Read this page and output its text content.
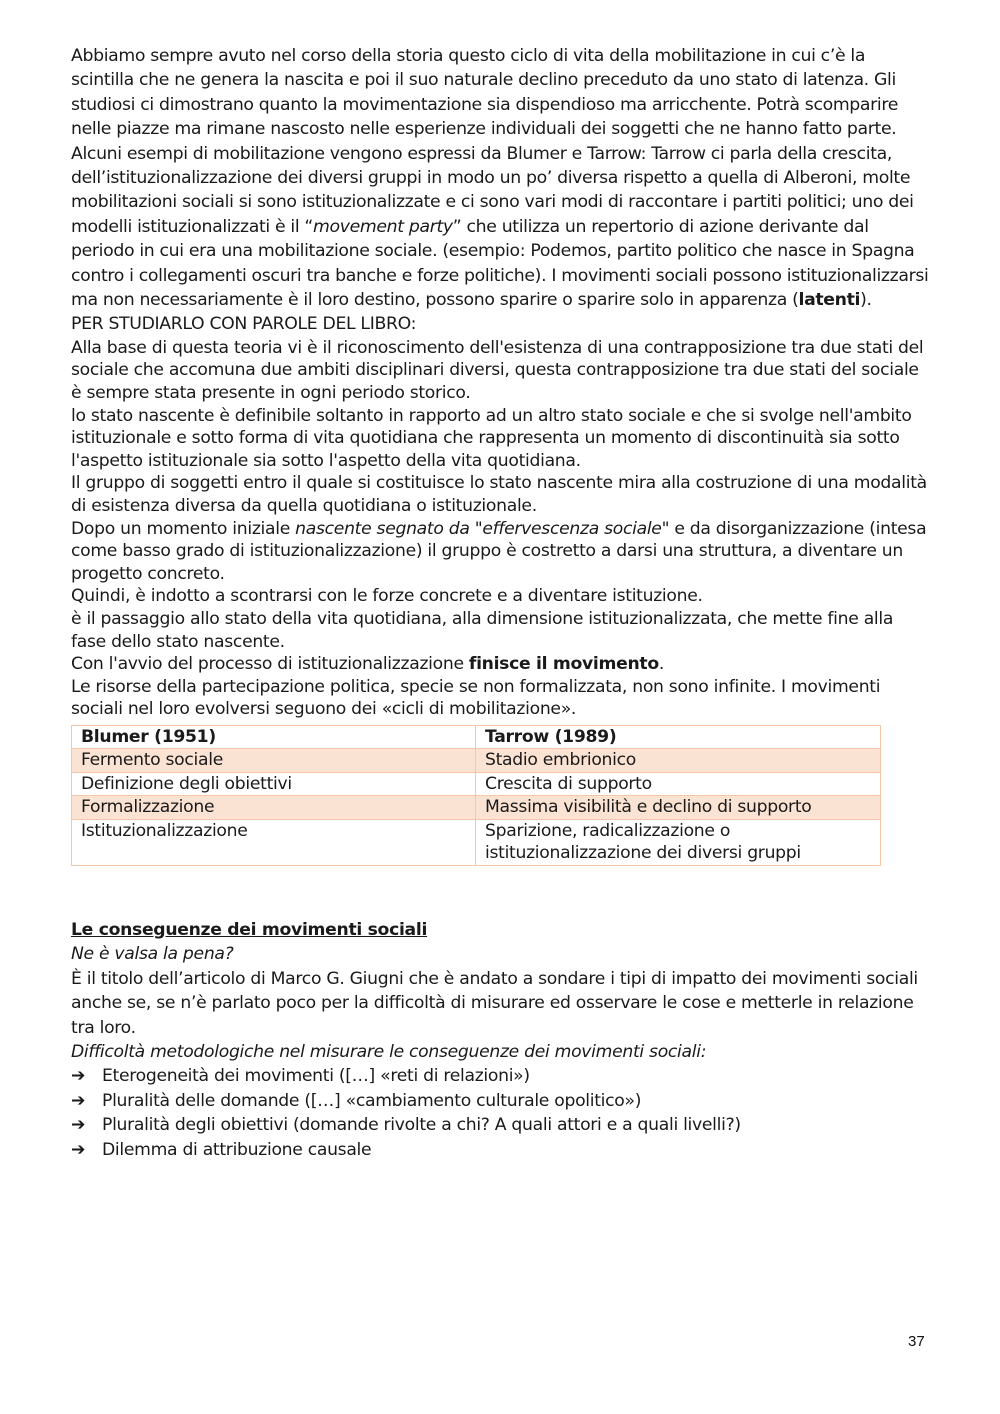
Abbiamo sempre avuto nel corso della storia questo ciclo di vita della mobilitazione in cui c’è la scintilla che ne genera la nascita e poi il suo naturale declino preceduto da uno stato di latenza. Gli studiosi ci dimostrano quanto la movimentazione sia dispendioso ma arricchente. Potrà scomparire nelle piazze ma rimane nascosto nelle esperienze individuali dei soggetti che ne hanno fatto parte.

Alcuni esempi di mobilitazione vengono espressi da Blumer e Tarrow: Tarrow ci parla della crescita, dell’istituzionalizzazione dei diversi gruppi in modo un po’ diversa rispetto a quella di Alberoni, molte mobilitazioni sociali si sono istituzionalizzate e ci sono vari modi di raccontare i partiti politici; uno dei modelli istituzionalizzati è il “movement party” che utilizza un repertorio di azione derivante dal periodo in cui era una mobilitazione sociale. (esempio: Podemos, partito politico che nasce in Spagna contro i collegamenti oscuri tra banche e forze politiche). I movimenti sociali possono istituzionalizzarsi ma non necessariamente è il loro destino, possono sparire o sparire solo in apparenza (latenti).

PER STUDIARLO CON PAROLE DEL LIBRO:

Alla base di questa teoria vi è il riconoscimento dell'esistenza di una contrapposizione tra due stati del sociale che accomuna due ambiti disciplinari diversi, questa contrapposizione tra due stati del sociale è sempre stata presente in ogni periodo storico.

lo stato nascente è definibile soltanto in rapporto ad un altro stato sociale e che si svolge nell'ambito istituzionale e sotto forma di vita quotidiana che rappresenta un momento di discontinuità sia sotto l'aspetto istituzionale sia sotto l'aspetto della vita quotidiana.

Il gruppo di soggetti entro il quale si costituisce lo stato nascente mira alla costruzione di una modalità di esistenza diversa da quella quotidiana o istituzionale.

Dopo un momento iniziale nascente segnato da "effervescenza sociale" e da disorganizzazione (intesa come basso grado di istituzionalizzazione) il gruppo è costretto a darsi una struttura, a diventare un progetto concreto.

Quindi, è indotto a scontrarsi con le forze concrete e a diventare istituzione.

è il passaggio allo stato della vita quotidiana, alla dimensione istituzionalizzata, che mette fine alla fase dello stato nascente.

Con l'avvio del processo di istituzionalizzazione finisce il movimento.

Le risorse della partecipazione politica, specie se non formalizzata, non sono infinite. I movimenti sociali nel loro evolversi seguono dei «cicli di mobilitazione».

Blumer (1951)	Tarrow (1989)
Fermento sociale	Stadio embrionico
Definizione degli obiettivi	Crescita di supporto
Formalizzazione	Massima visibilità e declino di supporto
Istituzionalizzazione	Sparizione, radicalizzazione o istituzionalizzazione dei diversi gruppi

Le conseguenze dei movimenti sociali

Ne è valsa la pena?

È il titolo dell’articolo di Marco G. Giugni che è andato a sondare i tipi di impatto dei movimenti sociali anche se, se n’è parlato poco per la difficoltà di misurare ed osservare le cose e metterle in relazione tra loro.

Difficoltà metodologiche nel misurare le conseguenze dei movimenti sociali:

➔ Eterogeneità dei movimenti ([…] «reti di relazioni»)
➔ Pluralità delle domande ([…] «cambiamento culturale opolitico»)
➔ Pluralità degli obiettivi (domande rivolte a chi? A quali attori e a quali livelli?)
➔ Dilemma di attribuzione causale
37
